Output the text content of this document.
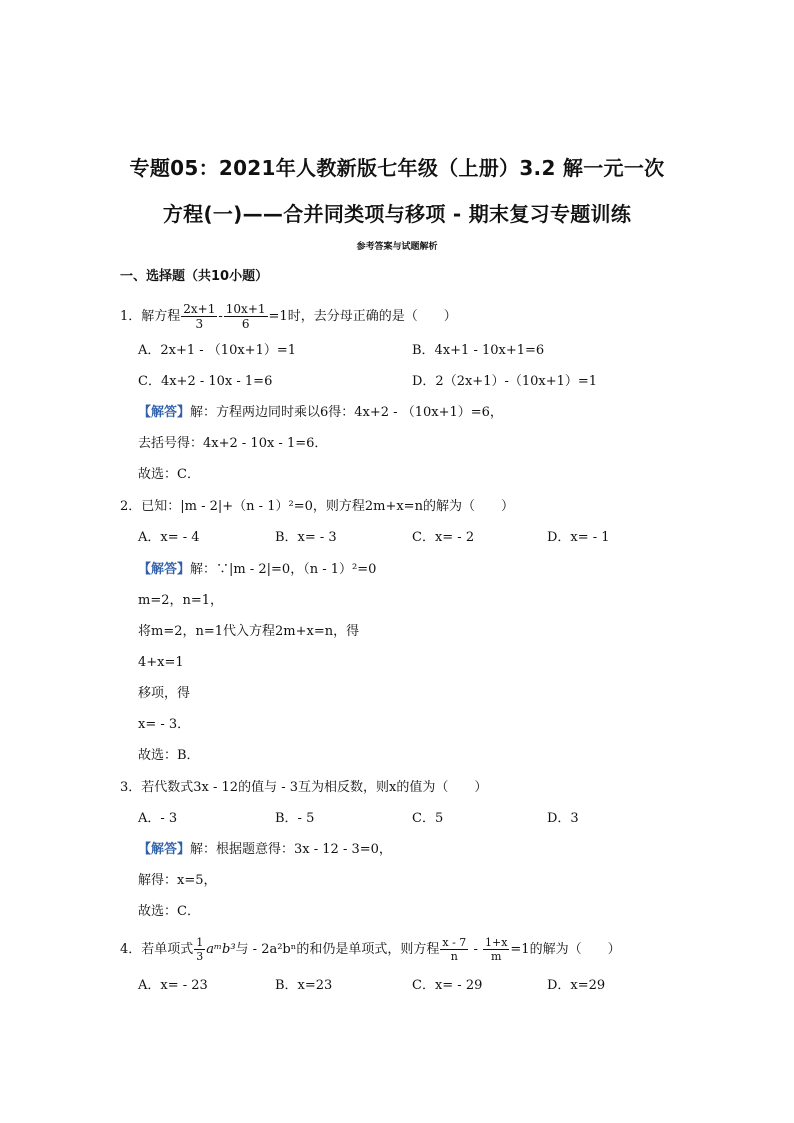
专题05：2021年人教新版七年级（上册）3.2 解一元一次
方程(一)——合并同类项与移项 - 期末复习专题训练
参考答案与试题解析
一、选择题（共10小题）
1．解方程 $\frac{2x+1}{3} - \frac{10x+1}{6} =1$时，去分母正确的是（　　）
A．2x+1 - （10x+1）=1	B．4x+1 - 10x+1=6
C．4x+2 - 10x - 1=6	D．2（2x+1）-（10x+1）=1
【解答】解：方程两边同时乘以6得：4x+2 - （10x+1）=6，
去括号得：4x+2 - 10x - 1=6．
故选：C．
2．已知：|m - 2|+（n - 1）²=0，则方程2m+x=n的解为（　　）
A．x= - 4	B．x= - 3	C．x= - 2	D．x= - 1
【解答】解：∵|m - 2|=0，（n - 1）²=0
m=2，n=1，
将m=2，n=1代入方程2m+x=n，得
4+x=1
移项，得
x= - 3．
故选：B．
3．若代数式3x - 12的值与 - 3互为相反数，则x的值为（　　）
A．- 3	B．- 5	C．5	D．3
【解答】解：根据题意得：3x - 12 - 3=0，
解得：x=5，
故选：C．
4．若单项式 $\frac{1}{3}$ aᵐb³与 - 2a²bⁿ的和仍是单项式，则方程 $\frac{x - 7}{n} - \frac{1+x}{m} =1$的解为（　　）
A．x= - 23	B．x=23	C．x= - 29	D．x=29
